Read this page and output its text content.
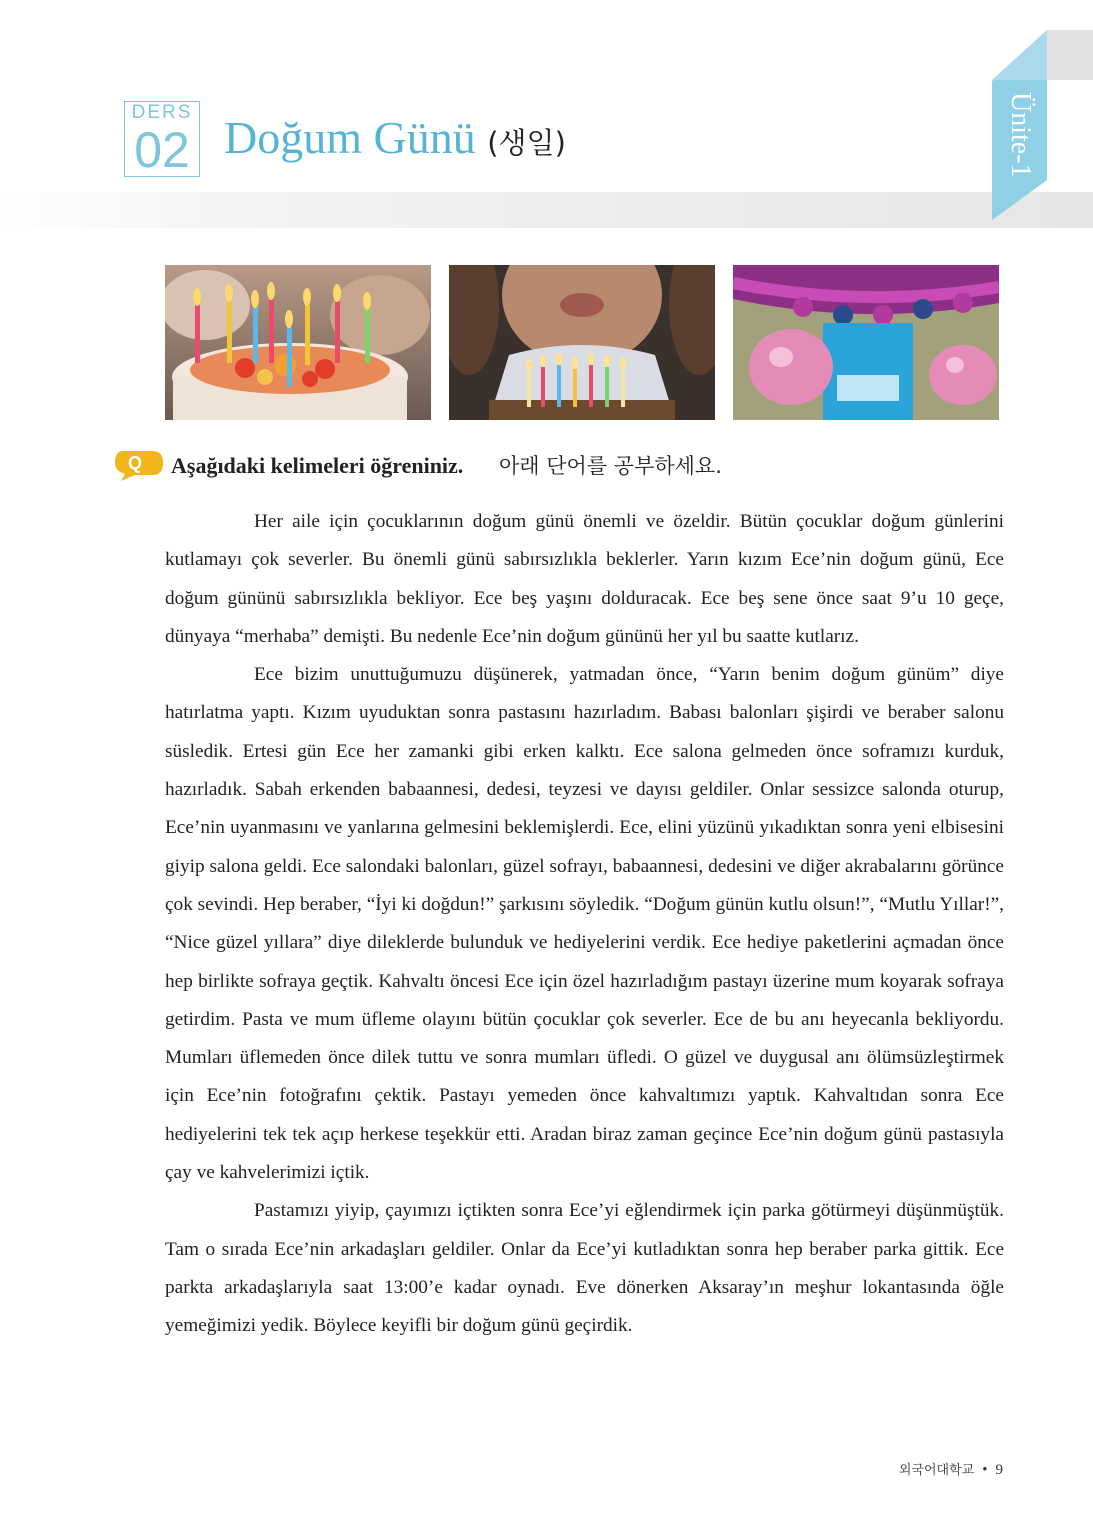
DERS
02 Doğum Günü (생일)	Ünite-1
Q Aşağıdaki kelimeleri öğreniniz. 아래 단어를 공부하세요.

Her aile için çocuklarının doğum günü önemli ve özeldir. Bütün çocuklar doğum günlerini kutlamayı çok severler. Bu önemli günü sabırsızlıkla beklerler. Yarın kızım Ece’nin doğum günü, Ece doğum gününü sabırsızlıkla bekliyor. Ece beş yaşını dolduracak. Ece beş sene önce saat 9’u 10 geçe, dünyaya “merhaba” demişti. Bu nedenle Ece’nin doğum gününü her yıl bu saatte kutlarız.

Ece bizim unuttuğumuzu düşünerek, yatmadan önce, “Yarın benim doğum günüm” diye hatırlatma yaptı. Kızım uyuduktan sonra pastasını hazırladım. Babası balonları şişirdi ve beraber salonu süsledik. Ertesi gün Ece her zamanki gibi erken kalktı. Ece salona gelmeden önce soframızı kurduk, hazırladık. Sabah erkenden babaannesi, dedesi, teyzesi ve dayısı geldiler. Onlar sessizce salonda oturup, Ece’nin uyanmasını ve yanlarına gelmesini beklemişlerdi. Ece, elini yüzünü yıkadıktan sonra yeni elbisesini giyip salona geldi. Ece salondaki balonları, güzel sofrayı, babaannesi, dedesini ve diğer akrabalarını görünce çok sevindi. Hep beraber, “İyi ki doğdun!” şarkısını söyledik. “Doğum günün kutlu olsun!”, “Mutlu Yıllar!”, “Nice güzel yıllara” diye dileklerde bulunduk ve hediyelerini verdik. Ece hediye paketlerini açmadan önce hep birlikte sofraya geçtik. Kahvaltı öncesi Ece için özel hazırladığım pastayı üzerine mum koyarak sofraya getirdim. Pasta ve mum üfleme olayını bütün çocuklar çok severler. Ece de bu anı heyecanla bekliyordu. Mumları üflemeden önce dilek tuttu ve sonra mumları üfledi. O güzel ve duygusal anı ölümsüzleştirmek için Ece’nin fotoğrafını çektik. Pastayı yemeden önce kahvaltımızı yaptık. Kahvaltıdan sonra Ece hediyelerini tek tek açıp herkese teşekkür etti. Aradan biraz zaman geçince Ece’nin doğum günü pastasıyla çay ve kahvelerimizi içtik.

Pastamızı yiyip, çayımızı içtikten sonra Ece’yi eğlendirmek için parka götürmeyi düşünmüştük. Tam o sırada Ece’nin arkadaşları geldiler. Onlar da Ece’yi kutladıktan sonra hep beraber parka gittik. Ece parkta arkadaşlarıyla saat 13:00’e kadar oynadı. Eve dönerken Aksaray’ın meşhur lokantasında öğle yemeğimizi yedik. Böylece keyifli bir doğum günü geçirdik.

외국어대학교 • 9
